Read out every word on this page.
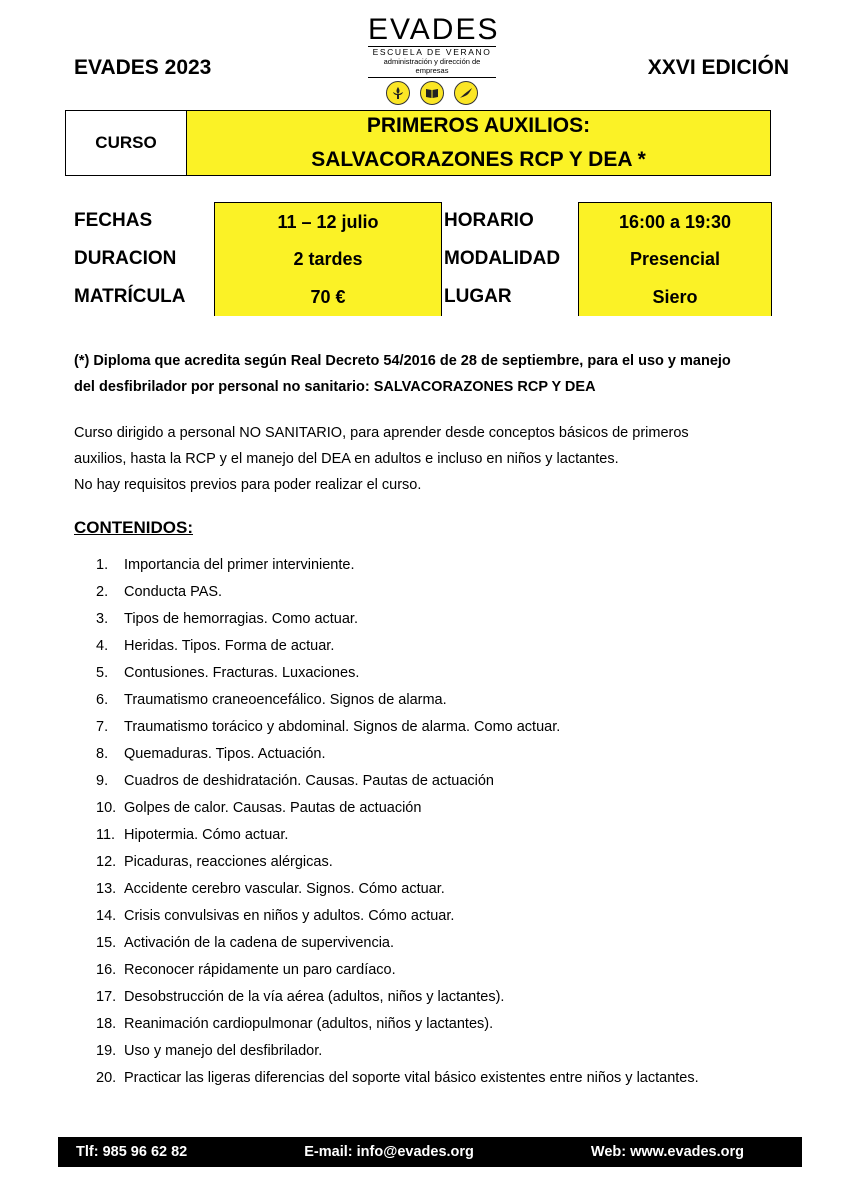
EVADES 2023	XXVI EDICIÓN
EVADES
ESCUELA DE VERANO
administración y dirección de empresas
CURSO
PRIMEROS AUXILIOS:
SALVACORAZONES RCP Y DEA *
FECHAS	11 – 12 julio	HORARIO	16:00 a 19:30
DURACION	2 tardes	MODALIDAD	Presencial
MATRÍCULA	70 €	LUGAR	Siero
(*) Diploma que acredita según Real Decreto 54/2016 de 28 de septiembre, para el uso y manejo
del desfibrilador por personal no sanitario: SALVACORAZONES RCP Y DEA
Curso dirigido a personal NO SANITARIO, para aprender desde conceptos básicos de primeros
auxilios, hasta la RCP y el manejo del DEA en adultos e incluso en niños y lactantes.
No hay requisitos previos para poder realizar el curso.
CONTENIDOS:
1.	Importancia del primer interviniente.
2.	Conducta PAS.
3.	Tipos de hemorragias. Como actuar.
4.	Heridas. Tipos. Forma de actuar.
5.	Contusiones. Fracturas. Luxaciones.
6.	Traumatismo craneoencefálico. Signos de alarma.
7.	Traumatismo torácico y abdominal. Signos de alarma. Como actuar.
8.	Quemaduras. Tipos. Actuación.
9.	Cuadros de deshidratación. Causas. Pautas de actuación
10. Golpes de calor. Causas. Pautas de actuación
11. Hipotermia. Cómo actuar.
12. Picaduras, reacciones alérgicas.
13. Accidente cerebro vascular. Signos. Cómo actuar.
14. Crisis convulsivas en niños y adultos. Cómo actuar.
15. Activación de la cadena de supervivencia.
16. Reconocer rápidamente un paro cardíaco.
17. Desobstrucción de la vía aérea (adultos, niños y lactantes).
18. Reanimación cardiopulmonar (adultos, niños y lactantes).
19. Uso y manejo del desfibrilador.
20. Practicar las ligeras diferencias del soporte vital básico existentes entre niños y lactantes.
Tlf: 985 96 62 82	E-mail: info@evades.org	Web: www.evades.org
